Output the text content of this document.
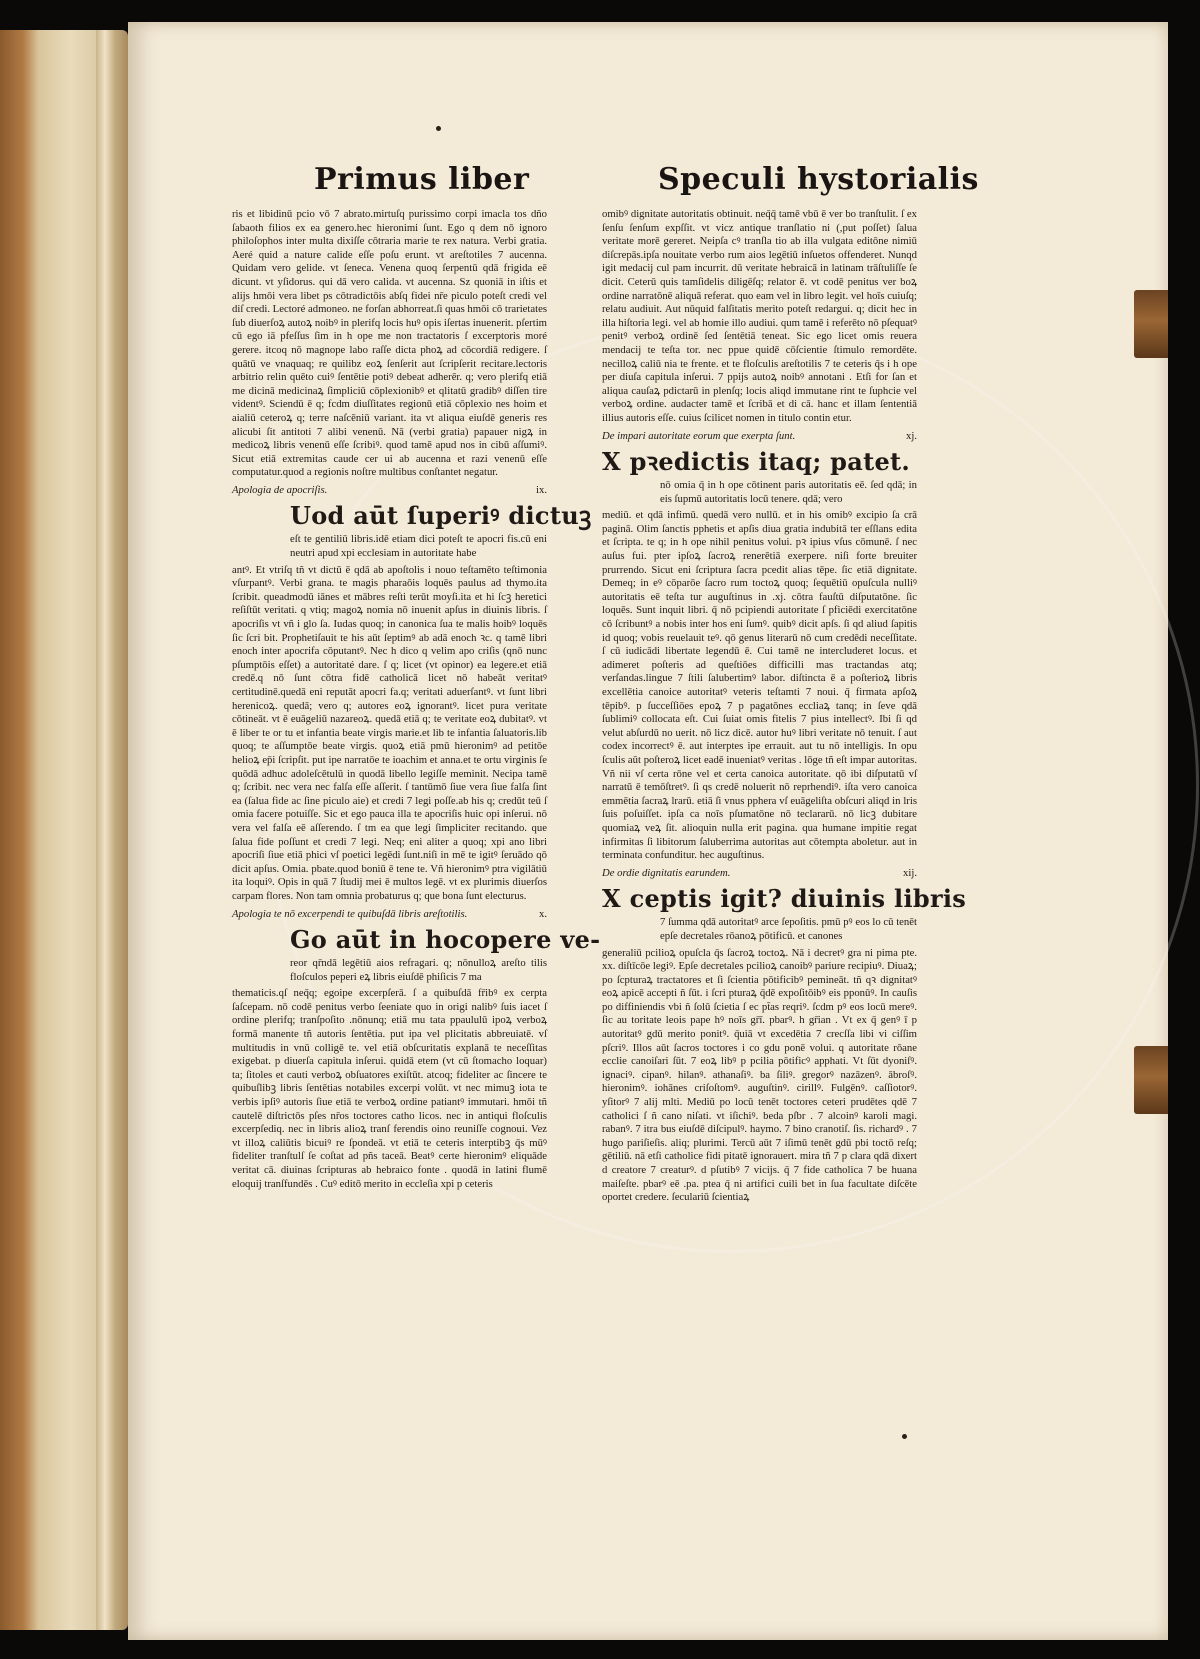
Primus liber	Speculi hystorialis

ris et libidinū pcio vō 7 abrato.mirtuſq purissimo corpi imacla tos dño ſabaoth filios ex ea genero.hec hieronimi ſunt. Ego q dem nō ignoro philoſophos inter multa dixiſſe cōtraria marie te rex natura. Verbi gratia. Aeré quid a nature calide eſſe poſu erunt. vt areſtotiles 7 aucenna. Quidam vero gelide. vt ſeneca. Venena quoq ſerpentū qdā frigida eē dicunt. vt yſidorus. qui dā vero calida. vt aucenna. Sz quoniā in iſtis et alijs hmōi vera libet ps cōtradictōis abſq fidei nr̄e piculo poteſt credi vel diſ credi. Lectoré admoneo. ne forſan abhorreat.ſi quas hmōi cō trarietates ſub diuerſoꝝ autoꝝ noibꝰ in plerifq locis huꝰ opis iſertas inuenerit. pſertim cū ego iā pfeſſus ſim in h ope me non tractatoris ſ excerptoris moré gerere. itcoq nō magnope labo raſſe dicta phoꝝ ad cōcordiā redigere. ſ quātū ve vnaquaq; re quilibz eoꝝ ſenſerit aut ſcripſerit recitare.lectoris arbitrio relin quēto cuiꝰ ſentētie potiꝰ debeat adherēr. q; vero plerifq etiā me dicinā medicinaꝝ ſimpliciū cōplexionibꝰ et qlitatū gradibꝰ diſſen tire videntꝰ. Sciendū ē q; fcdm diuſſitates regionū etiā cōplexio nes hoim et aialiū ceteroꝝ q; terre naſcēniū variant. ita vt aliqua eiuſdē generis res alicubi ſit antitoti 7 alibi venenū. Nā (verbi gratia) papauer nigꝝ in medicoꝝ libris venenū eſſe ſcribiꝰ. quod tamē apud nos in cibū aſſumiꝰ. Sicut etiā extremitas caude cer ui ab aucenna et razi venenū eſſe computatur.quod a regionis noſtre multibus conſtantet negatur.

Apologia de apocriſis.	ix.
Uod aūt ſuperiꝰ dictuꝫ

eſt te gentiliū libris.idē etiam dici poteſt te apocri fis.cū eni neutri apud xpi ecclesiam in autoritate habe

antꝰ. Et vtriſq tñ vt dictū ē qdā ab apoſtolis i nouo teſtamēto teſtimonia vſurpantꝰ. Verbi grana. te magis pharaōis loquēs paulus ad thymo.ita ſcribit. queadmodū iānes et mābres reſti terūt moyſi.ita et hi ſcꝫ heretici reſiſtūt veritati. q vtiq; magoꝝ nomia nō inuenit apſus in diuinis libris. ſ apocriſis vt vñ i glo ſa. Iudas quoq; in canonica ſua te malis hoibꝰ loquēs ſic ſcri bit. Prophetiſauit te his aūt ſeptimꝰ ab adā enoch ꝛc. q tamē libri enoch inter apocrifa cōputantꝰ. Nec h dico q velim apo criſis (qnō nunc pſumptōis eſſet) a autoritaté dare. ſ q; licet (vt opinor) ea legere.et etiā credē.q nō ſunt cōtra fidē catholicā licet nō habeāt veritatꝰ certitudinē.quedā eni reputāt apocri fa.q; veritati aduerſantꝰ. vt ſunt libri herenicoꝝ. quedā; vero q; autores eoꝝ ignorantꝰ. licet pura veritate cōtineāt. vt ē euāgeliū nazareoꝝ. quedā etiā q; te veritate eoꝝ dubitatꝰ. vt ē liber te or tu et infantia beate virgis marie.et lib te infantia ſaluatoris.lib quoq; te aſſumptōe beate virgis. quoꝝ etiā pmū hieronimꝰ ad petitōe helioꝝ ep̄i ſcripſit. put ipe narratōe te ioachim et anna.et te ortu virginis ſe quōdā adhuc adoleſcētulū in quodā libello legiſſe meminit. Necipa tamē q; ſcribit. nec vera nec falſa eſſe aſſerit. ſ tantūmō ſiue vera ſiue falſa ſint ea (ſalua fide ac ſine piculo aie) et credi 7 legi poſſe.ab his q; credūt teū ſ omia facere potuiſſe. Sic et ego pauca illa te apocriſis huic opi inſerui. nō vera vel falſa eē aſſerendo. ſ tm ea que legi ſimpliciter recitando. que ſalua fide poſſunt et credi 7 legi. Neq; eni aliter a quoq; xpi ano libri apocriſi ſiue etiā phici vſ poetici legēdi ſunt.niſi in mē te igitꝰ ſeruādo qō dicit apſus. Omia. pbate.quod boniū ē tene te. Vñ hieronimꝰ ptra vigilātiū ita loquiꝰ. Opis in quā 7 ſtudij mei ē multos legē. vt ex plurimis diuerſos carpam flores. Non tam omnia probaturus q; que bona ſunt electurus.

Apologia te nō excerpendi te quibuſdā libris areſtotilis.	x.
Go aūt in hocopere ve-

reor qr̄ndā legētiū aios refragari. q; nōnulloꝝ areſto tilis floſculos peperi eꝝ libris eiuſdē phiſicis 7 ma

thematicis.qſ neq̄q; egoipe excerpſerā. ſ a quibuſdā fr̄ibꝰ ex cerpta ſaſcepam. nō codē penitus verbo ſeeniate quo in origi nalibꝰ ſuis iacet ſ ordine plerifq; tranſpoſito .nōnunq; etiā mu tata ppaululū ipoꝝ verboꝝ formā manente tñ autoris ſentētia. put ipa vel plicitatis abbreuiatē. vſ multitudis in vnū colligē te. vel etiā obſcuritatis explanā te neceſſitas exigebat. p diuerſa capitula inſerui. quidā etem (vt cū ſtomacho loquar) ta; ſitoles et cauti verboꝝ obſuatores exiſtūt. atcoq; fideliter ac ſincere te quibuſlibꝫ libris ſentētias notabiles excerpi volūt. vt nec mimuꝫ iota te verbis ipſiꝰ autoris ſiue etiā te verboꝝ ordine patiantꝰ immutari. hmōi tñ cautelē diſtrictōs pſes nr̄os toctores catho licos. nec in antiqui floſculis excerpſediq. nec in libris alioꝝ tranſ ferendis oino reuniſſe cognoui. Vez vt illoꝝ caliūtis bicuiꝰ re ſpondeā. vt etiā te ceteris interptibꝫ q̄s mūꝰ fideliter tranſtulſ ſe coſtat ad pñs taceā. Beatꝰ certe hieronimꝰ eliquāde veritat cā. diuinas ſcripturas ab hebraico fonte . quodā in latini flumē eloquij tranſfundēs . Cuꝰ editō merito in eccleſia xpi p ceteris

omibꝰ dignitate autoritatis obtinuit. neq̄q̄ tamē vbū ē ver bo tranſtulit. ſ ex ſenſu ſenſum expſſit. vt vicz antique tranſlatio ni (,put poſſet) ſalua veritate morē gereret. Neipſa cꝰ tranſla tio ab illa vulgata editōne nimiū diſcrepās.ipſa nouitate verbo rum aios legētiū inſuetos offenderet. Nunqd igit medacij cul pam incurrit. dū veritate hebraicā in latinam trāſtuliſſe ſe dicit. Ceterū quis tamſidelis diligēſq; relator ē. vt codē penitus ver boꝝ ordine narratōnē aliquā referat. quo eam vel in libro legit. vel hoīs cuiuſq; relatu audiuit. Aut nūquid falſitatis merito poteſt redargui. q; dicit hec in illa hiſtoria legi. vel ab homie illo audiui. qum tamē i referēto nō pſequatꝰ penitꝰ verboꝝ ordinē ſed ſentētiā teneat. Sic ego licet omis reuera mendacij te teſta tor. nec ppue quidē cōſcientie ſtimulo remordēte. necilloꝝ caliū nia te frente. et te floſculis areſtotilis 7 te ceteris q̄s i h ope per diuſa capitula inſerui. 7 ppijs autoꝝ noibꝰ annotani . Etſi for ſan et aliqua cauſaꝝ pdictarū in plenſq; locis aliqd immutane rint te ſuphcie vel verboꝝ ordine. audacter tamē et ſcribā et di cā. hanc et illam ſententiā illius autoris eſſe. cuius ſcilicet nomen in titulo contin etur.

De impari autoritate eorum que exerpta ſunt.	xj.
X pꝛedictis itaq; patet.

nō omia q̄ in h ope cōtinent paris autoritatis eē. ſed qdā; in eis ſupmū autoritatis locū tenere. qdā; vero

mediū. et qdā infimū. quedā vero nullū. et in his omibꝰ excipio ſa crā paginā. Olim ſanctis pphetis et apſis diua gratia indubitā ter eſſlans edita et ſcripta. te q; in h ope nihil penitus volui. pꝛ ipius vſus cōmunē. ſ nec auſus fui. pter ipſoꝝ ſacroꝝ renerētiā exerpere. niſi forte breuiter prurrendo. Sicut eni ſcriptura ſacra pcedit alias tēpe. ſic etiā dignitate. Demeq; in eꝰ cōparōe ſacro rum toctoꝝ quoq; ſequētiū opuſcula nulliꝰ autoritatis eē teſta tur auguſtinus in .xj. cōtra fauſtū diſputatōne. ſic loquēs. Sunt inquit libri. q̄ nō pcipiendi autoritate ſ pficiēdi exercitatōne cō ſcribuntꝰ a nobis inter hos eni ſumꝰ. quibꝰ dicit apſs. ſi qd aliud ſapitis id quoq; vobis reuelauit teꝰ. qō genus literarū nō cum credēdi neceſſitate. ſ cū iudicādi libertate legendū ē. Cui tamē ne intercluderet locus. et adimeret poſteris ad queſtiōes difficilli mas tractandas atq; verſandas.lingue 7 ſtili ſalubertimꝰ labor. diſtincta ē a poſterioꝝ libris excellētia canoice autoritatꝰ veteris teſtamti 7 noui. q̄ firmata apſoꝝ tēpibꝰ. p ſucceſſiōes epoꝝ 7 p pagatōnes eccliaꝝ tanq; in ſeve qdā ſublimiꝰ collocata eſt. Cui ſuiat omis fitelis 7 pius intellectꝰ. Ibi ſi qd velut abſurdū no uerit. nō licz dicē. autor huꝰ libri veritate nō tenuit. ſ aut codex incorrectꝰ ē. aut interptes ipe errauit. aut tu nō intelligis. In opu ſculis aūt poſteroꝝ licet eadē inueniatꝰ veritas . lōge tñ eſt impar autoritas. Vñ nii vſ certa rōne vel et certa canoica autoritate. qō ibi diſputatū vſ narratū ē temōſtretꝰ. ſi qs credē noluerit nō reprhendiꝰ. iſta vero canoica emmētia ſacraꝝ lrarū. etiā ſi vnus pphera vſ euāgeliſta obſcuri aliqd in lris ſuis poſuiſſet. ipſa ca noīs pſumatōne nō teclararū. nō licꝫ dubitare quomiaꝝ veꝝ ſit. alioquin nulla erit pagina. qua humane impitie regat infirmitas ſi libitorum ſaluberrima autoritas aut cōtempta aboletur. aut in terminata confunditur. hec auguſtinus.

De ordie dignitatis earundem.	xij.
X ceptis igit? diuinis libris

7 ſumma qdā autoritatꝰ arce ſepoſitis. pmū pꝰ eos lo cū tenēt epſe decretales rōanoꝝ pōtificū. et canones

generaliū pcilioꝝ opuſcla q̄s ſacroꝝ toctoꝝ. Nā i decretꝰ gra ni pima pte. xx. diſtīcōe legiꝰ. Epſe decretales pcilioꝝ canoibꝰ pariure recipiuꝰ. Diuaꝝ; po ſcpturaꝝ tractatores et ſi ſcientia pōtificibꝰ pemineāt. tñ qꝛ dignitatꝰ eoꝝ apicē accepti ñ ſūt. i ſcri pturaꝝ q̄dē expoſitōibꝰ eis pponūꝰ. In cauſis po diffiniendis vbi ñ ſolū ſcietia ſ ec pt̄as reqriꝰ. ſcdm pꝰ eos locū mereꝰ. ſic au toritate leois pape hꝰ noīs gr̄ī. pbarꝰ. h gr̄ian . Vt ex q̄ genꝰ ī p autoritatꝰ gdū merito ponitꝰ. q̄uiā vt excedētia 7 crecſſa libi vi ciſſim pſcriꝰ. Illos aūt ſacros toctores i co gdu ponē volui. q autoritate rōane ecclie canoiſari ſūt. 7 eoꝝ libꝰ p pcilia pōtificꝰ apphati. Vt ſūt dyoniſꝰ. ignaciꝰ. cipanꝰ. hilanꝰ. athanaſiꝰ. ba ſiliꝰ. gregorꝰ nazāzenꝰ. ābroſꝰ. hieronimꝰ. iohānes criſoſtomꝰ. auguſtinꝰ. cirillꝰ. Fulgēnꝰ. caſſiotorꝰ. yſitorꝰ 7 alij mlti. Mediū po locū tenēt toctores ceteri prudētes qdē 7 catholici ſ ñ cano niſati. vt iſichiꝰ. beda pſbr . 7 alcoinꝰ karoli magi. rabanꝰ. 7 itra bus eiuſdē diſcipulꝰ. haymo. 7 bino cranotiſ. ſis. richardꝰ . 7 hugo pariſieſis. aliq; plurimi. Tercū aūt 7 iſimū tenēt gdū pbi toctō reſq; gētiliū. nā etſi catholice fidi pitatē ignorauert. mira tñ 7 p clara qdā dixert d creatore 7 creaturꝰ. d pſutibꝰ 7 vicijs. q̄ 7 fide catholica 7 be huana maiſeſte. pbarꝰ eē .pa. ptea q̄ ni artifici cuili bet in ſua facultate diſcēte oportet credere. ſeculariū ſcientiaꝝ
